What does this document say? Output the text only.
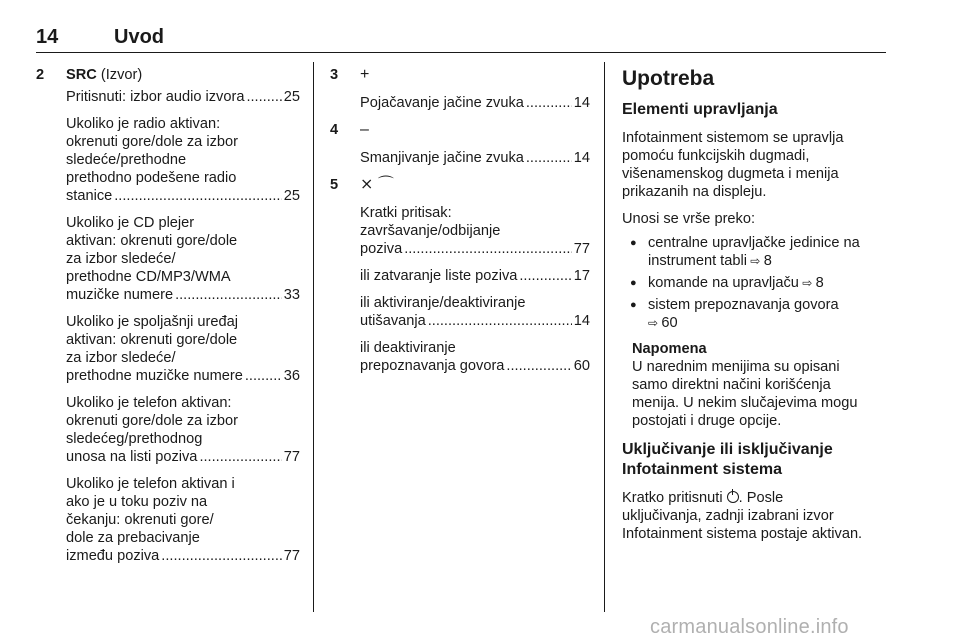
14	Uvod
2 SRC (Izvor)
Pritisnuti: izbor audio izvora .....	25
Ukoliko je radio aktivan:
okrenuti gore/dole za izbor
sledeće/prethodne
prethodno podešene radio
stanice .....	25
Ukoliko je CD plejer
aktivan: okrenuti gore/dole
za izbor sledeće/
prethodne CD/MP3/WMA
muzičke numere .....	33
Ukoliko je spoljašnji uređaj
aktivan: okrenuti gore/dole
za izbor sledeće/
prethodne muzičke numere .....	36
Ukoliko je telefon aktivan:
okrenuti gore/dole za izbor
sledećeg/prethodnog
unosa na listi poziva .....	77
Ukoliko je telefon aktivan i
ako je u toku poziv na
čekanju: okrenuti gore/
dole za prebacivanje
između poziva .....	77
3 +
Pojačavanje jačine zvuka .....	14
4 –
Smanjivanje jačine zvuka .....	14
5 ⨯ ⌒
Kratki pritisak:
završavanje/odbijanje
poziva .....	77
ili zatvaranje liste poziva .....	17
ili aktiviranje/deaktiviranje
utišavanja .....	14
ili deaktiviranje
prepoznavanja govora .....	60
Upotreba
Elementi upravljanja
Infotainment sistemom se upravlja
pomoću funkcijskih dugmadi,
višenamenskog dugmeta i menija
prikazanih na displeju.
Unosi se vrše preko:
● centralne upravljačke jedinice na
instrument tabli ⇨ 8
● komande na upravljaču ⇨ 8
● sistem prepoznavanja govora
⇨ 60
Napomena
U narednim menijima su opisani
samo direktni načini korišćenja
menija. U nekim slučajevima mogu
postojati i druge opcije.
Uključivanje ili isključivanje
Infotainment sistema
Kratko pritisnuti . Posle
uključivanja, zadnji izabrani izvor
Infotainment sistema postaje aktivan.
carmanualsonline.info
